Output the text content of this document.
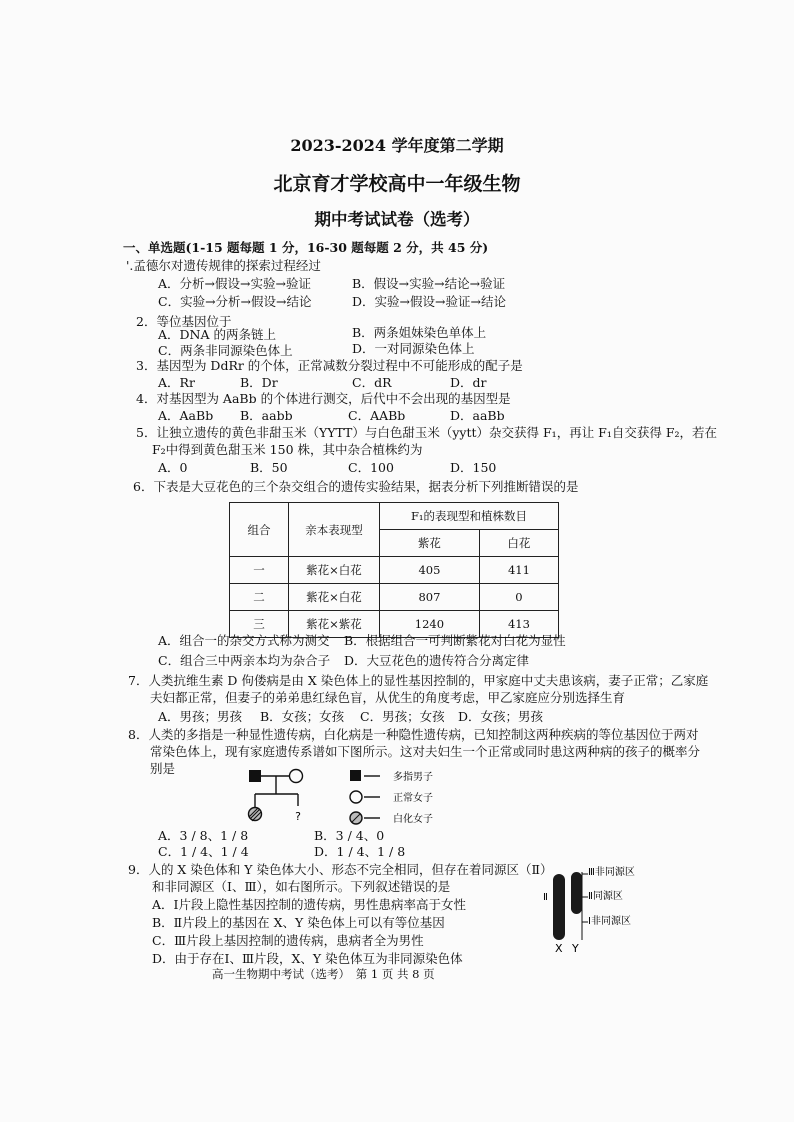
2023-2024 学年度第二学期
北京育才学校高中一年级生物
期中考试试卷（选考）
一、单选题(1-15 题每题 1 分，16-30 题每题 2 分，共 45 分)
'.孟德尔对遗传规律的探索过程经过
A．分析→假设→实验→验证	B．假设→实验→结论→验证
C．实验→分析→假设→结论	D．实验→假设→验证→结论
2．等位基因位于
A．DNA 的两条链上	B．两条姐妹染色单体上
C．两条非同源染色体上	D．一对同源染色体上
3．基因型为 DdRr 的个体，正常减数分裂过程中不可能形成的配子是
A．Rr	B．Dr	C．dR	D．dr
4．对基因型为 AaBb 的个体进行测交，后代中不会出现的基因型是
A．AaBb B．aabb	C．AABb	D．aaBb
5．让独立遗传的黄色非甜玉米（YYTT）与白色甜玉米（yytt）杂交获得 F₁，再让 F₁自交获得 F₂，若在
F₂中得到黄色甜玉米 150 株，其中杂合植株约为
A．0	B．50	C．100	D．150
6．下表是大豆花色的三个杂交组合的遗传实验结果，据表分析下列推断错误的是
组合	亲本表现型	F₁的表现型和植株数目	
		紫花	白花
一	紫花×白花	405	411
二	紫花×白花	807	0
三	紫花×紫花	1240	413
A．组合一的杂交方式称为测交 B．根据组合一可判断紫花对白花为显性
C．组合三中两亲本均为杂合子 D．大豆花色的遗传符合分离定律
7．人类抗维生素 D 佝偻病是由 X 染色体上的显性基因控制的，甲家庭中丈夫患该病，妻子正常；乙家庭
夫妇都正常，但妻子的弟弟患红绿色盲，从优生的角度考虑，甲乙家庭应分别选择生育
A．男孩；男孩 B．女孩；女孩 C．男孩；女孩 D．女孩；男孩
8．人类的多指是一种显性遗传病，白化病是一种隐性遗传病，已知控制这两种疾病的等位基因位于两对
常染色体上，现有家庭遗传系谱如下图所示。这对夫妇生一个正常或同时患这两种病的孩子的概率分
别是
?
多指男子
正常女子
白化女子
A．3 / 8、1 / 8	B．3 / 4、0
C．1 / 4、1 / 4	D．1 / 4、1 / 8
9．人的 X 染色体和 Y 染色体大小、形态不完全相同，但存在着同源区（Ⅱ）
和非同源区（Ⅰ、Ⅲ），如右图所示。下列叙述错误的是
A．Ⅰ片段上隐性基因控制的遗传病，男性患病率高于女性
B．Ⅱ片段上的基因在 X、Y 染色体上可以有等位基因
C．Ⅲ片段上基因控制的遗传病，患病者全为男性
D．由于存在Ⅰ、Ⅲ片段，X、Y 染色体互为非同源染色体
Ⅲ非同源区
Ⅱ同源区
Ⅰ非同源区
Ⅱ
X Y
高一生物期中考试（选考）　第 1 页 共 8 页
